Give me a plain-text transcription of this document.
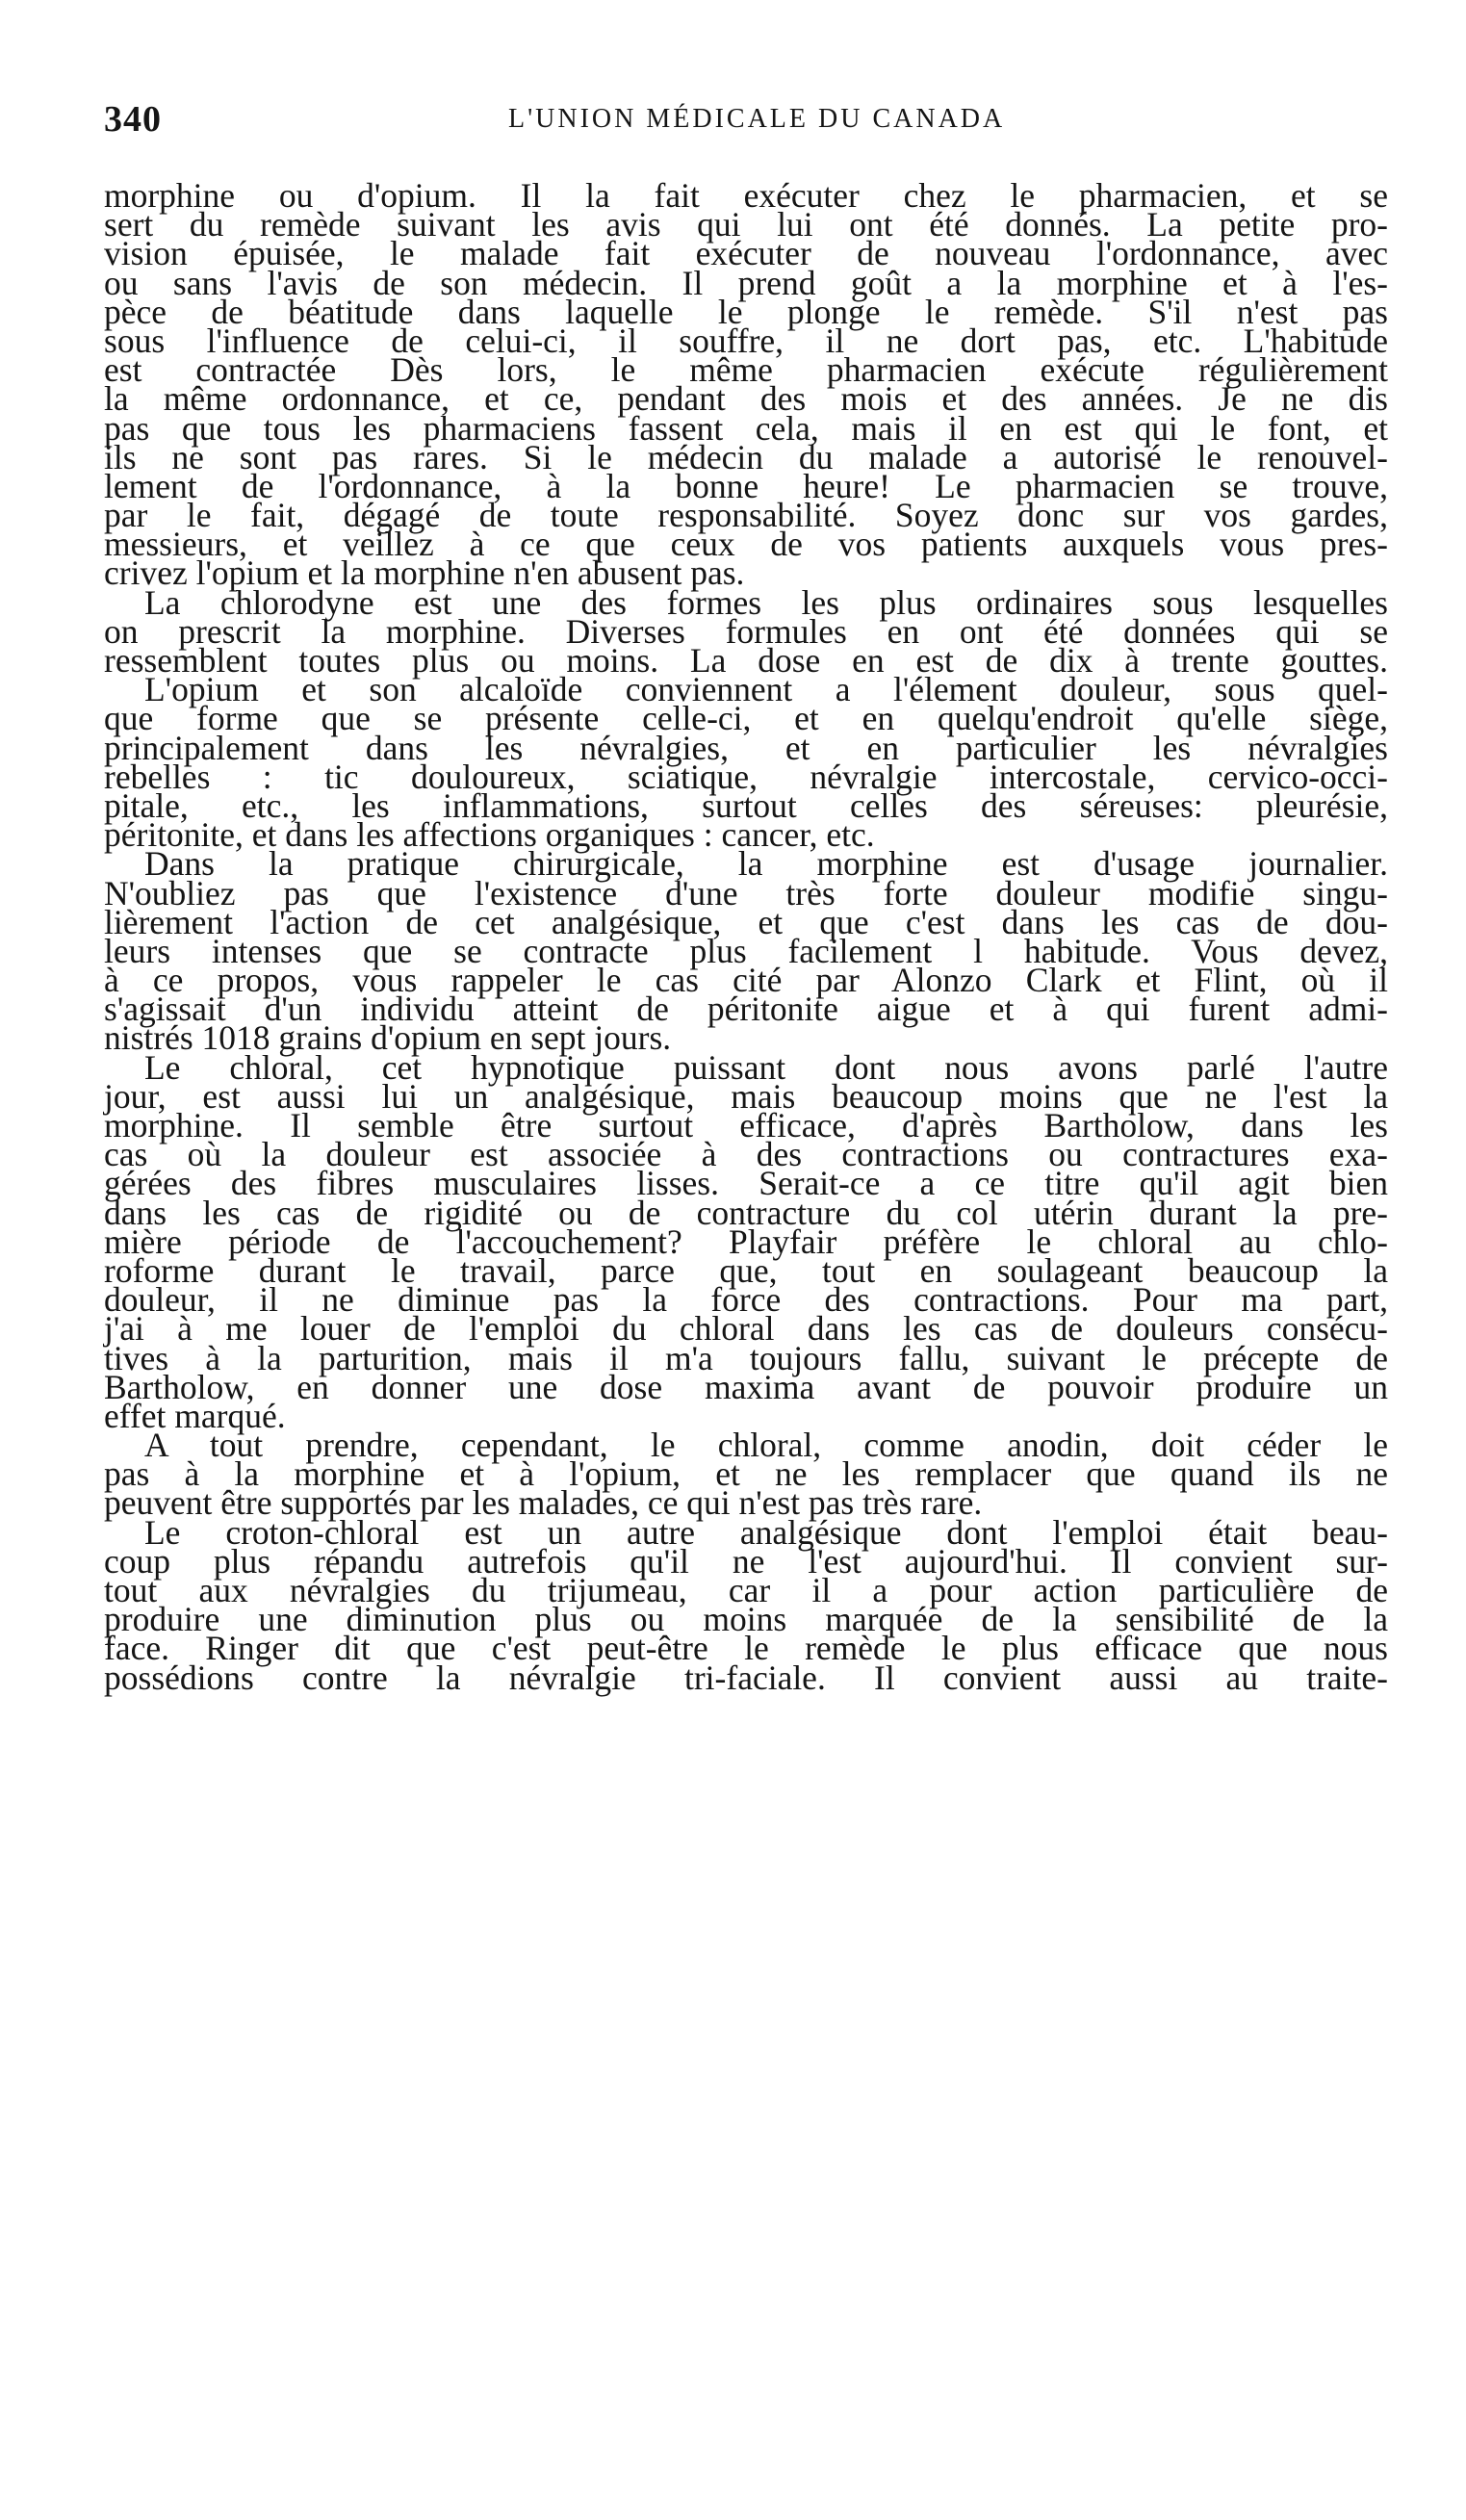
340	L'UNION MÉDICALE DU CANADA
morphine ou d'opium. Il la fait exécuter chez le pharmacien, et se
sert du remède suivant les avis qui lui ont été donnés. La petite pro-
vision épuisée, le malade fait exécuter de nouveau l'ordonnance, avec
ou sans l'avis de son médecin. Il prend goût a la morphine et à l'es-
pèce de béatitude dans laquelle le plonge le remède. S'il n'est pas
sous l'influence de celui-ci, il souffre, il ne dort pas, etc. L'habitude
est contractée Dès lors, le même pharmacien exécute régulièrement
la même ordonnance, et ce, pendant des mois et des années. Je ne dis
pas que tous les pharmaciens fassent cela, mais il en est qui le font, et
ils ne sont pas rares. Si le médecin du malade a autorisé le renouvel-
lement de l'ordonnance, à la bonne heure! Le pharmacien se trouve,
par le fait, dégagé de toute responsabilité. Soyez donc sur vos gardes,
messieurs, et veillez à ce que ceux de vos patients auxquels vous pres-
crivez l'opium et la morphine n'en abusent pas.
La chlorodyne est une des formes les plus ordinaires sous lesquelles
on prescrit la morphine. Diverses formules en ont été données qui se
ressemblent toutes plus ou moins. La dose en est de dix à trente gouttes.
L'opium et son alcaloïde conviennent a l'élement douleur, sous quel-
que forme que se présente celle-ci, et en quelqu'endroit qu'elle siège,
principalement dans les névralgies, et en particulier les névralgies
rebelles : tic douloureux, sciatique, névralgie intercostale, cervico-occi-
pitale, etc., les inflammations, surtout celles des séreuses: pleurésie,
péritonite, et dans les affections organiques : cancer, etc.
Dans la pratique chirurgicale, la morphine est d'usage journalier.
N'oubliez pas que l'existence d'une très forte douleur modifie singu-
lièrement l'action de cet analgésique, et que c'est dans les cas de dou-
leurs intenses que se contracte plus facilement l habitude. Vous devez,
à ce propos, vous rappeler le cas cité par Alonzo Clark et Flint, où il
s'agissait d'un individu atteint de péritonite aigue et à qui furent admi-
nistrés 1018 grains d'opium en sept jours.
Le chloral, cet hypnotique puissant dont nous avons parlé l'autre
jour, est aussi lui un analgésique, mais beaucoup moins que ne l'est la
morphine. Il semble être surtout efficace, d'après Bartholow, dans les
cas où la douleur est associée à des contractions ou contractures exa-
gérées des fibres musculaires lisses. Serait-ce a ce titre qu'il agit bien
dans les cas de rigidité ou de contracture du col utérin durant la pre-
mière période de l'accouchement? Playfair préfère le chloral au chlo-
roforme durant le travail, parce que, tout en soulageant beaucoup la
douleur, il ne diminue pas la force des contractions. Pour ma part,
j'ai à me louer de l'emploi du chloral dans les cas de douleurs consécu-
tives à la parturition, mais il m'a toujours fallu, suivant le précepte de
Bartholow, en donner une dose maxima avant de pouvoir produire un
effet marqué.
A tout prendre, cependant, le chloral, comme anodin, doit céder le
pas à la morphine et à l'opium, et ne les remplacer que quand ils ne
peuvent être supportés par les malades, ce qui n'est pas très rare.
Le croton-chloral est un autre analgésique dont l'emploi était beau-
coup plus répandu autrefois qu'il ne l'est aujourd'hui. Il convient sur-
tout aux névralgies du trijumeau, car il a pour action particulière de
produire une diminution plus ou moins marquée de la sensibilité de la
face. Ringer dit que c'est peut-être le remède le plus efficace que nous
possédions contre la névralgie tri-faciale. Il convient aussi au traite-
